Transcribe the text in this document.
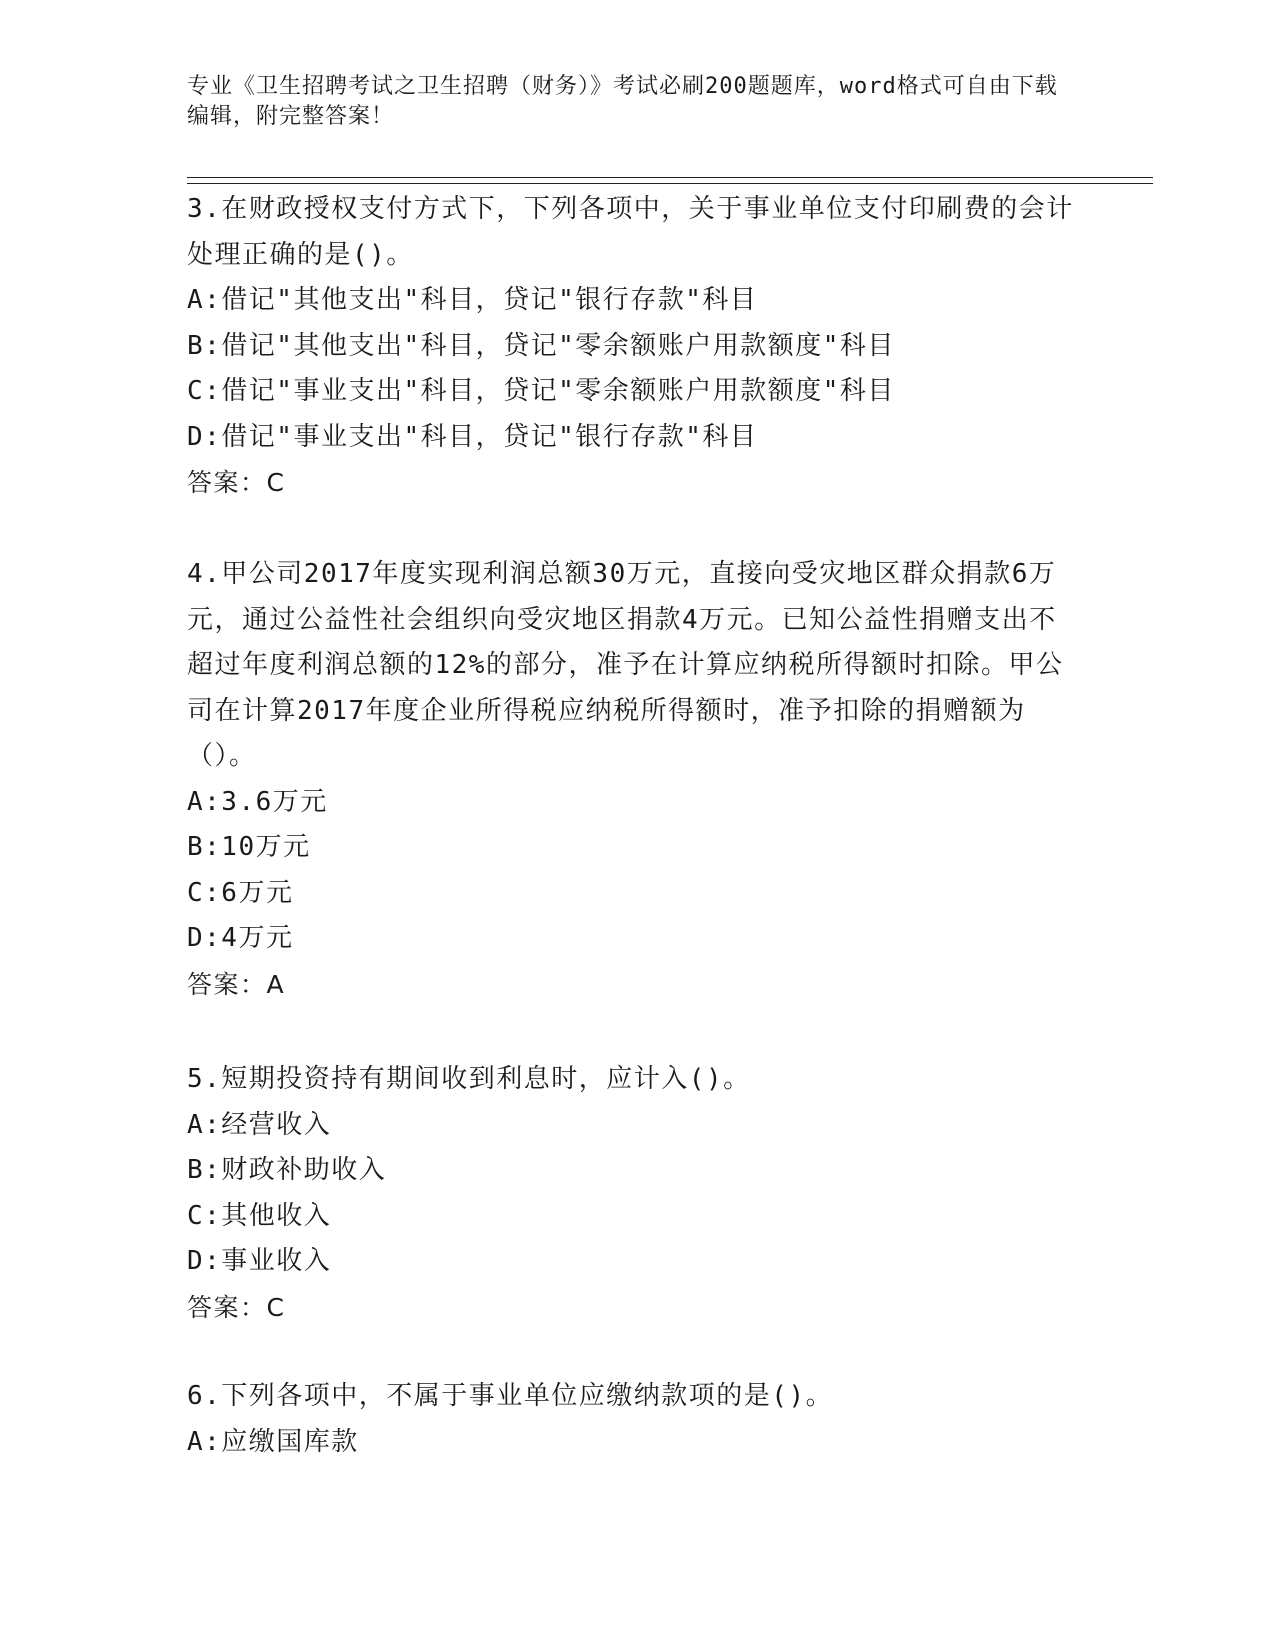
专业《卫生招聘考试之卫生招聘（财务）》考试必刷200题题库，word格式可自由下载编辑，附完整答案！
3.在财政授权支付方式下，下列各项中，关于事业单位支付印刷费的会计处理正确的是()。
A:借记"其他支出"科目，贷记"银行存款"科目
B:借记"其他支出"科目，贷记"零余额账户用款额度"科目
C:借记"事业支出"科目，贷记"零余额账户用款额度"科目
D:借记"事业支出"科目，贷记"银行存款"科目
答案：C
4.甲公司2017年度实现利润总额30万元，直接向受灾地区群众捐款6万元，通过公益性社会组织向受灾地区捐款4万元。已知公益性捐赠支出不超过年度利润总额的12%的部分，准予在计算应纳税所得额时扣除。甲公司在计算2017年度企业所得税应纳税所得额时，准予扣除的捐赠额为（）。
A:3.6万元
B:10万元
C:6万元
D:4万元
答案：A
5.短期投资持有期间收到利息时，应计入()。
A:经营收入
B:财政补助收入
C:其他收入
D:事业收入
答案：C
6.下列各项中，不属于事业单位应缴纳款项的是()。
A:应缴国库款
